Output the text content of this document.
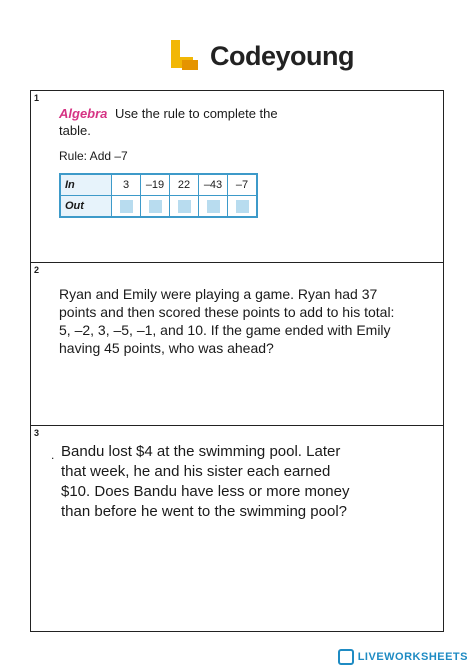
Codeyoung
1
Algebra Use the rule to complete the table.
Rule: Add –7
In	3	–19	22	–43	–7
Out					
2
Ryan and Emily were playing a game. Ryan had 37 points and then scored these points to add to his total: 5, –2, 3, –5, –1, and 10. If the game ended with Emily having 45 points, who was ahead?
3
. Bandu lost $4 at the swimming pool. Later that week, he and his sister each earned $10. Does Bandu have less or more money than before he went to the swimming pool?
LIVEWORKSHEETS
